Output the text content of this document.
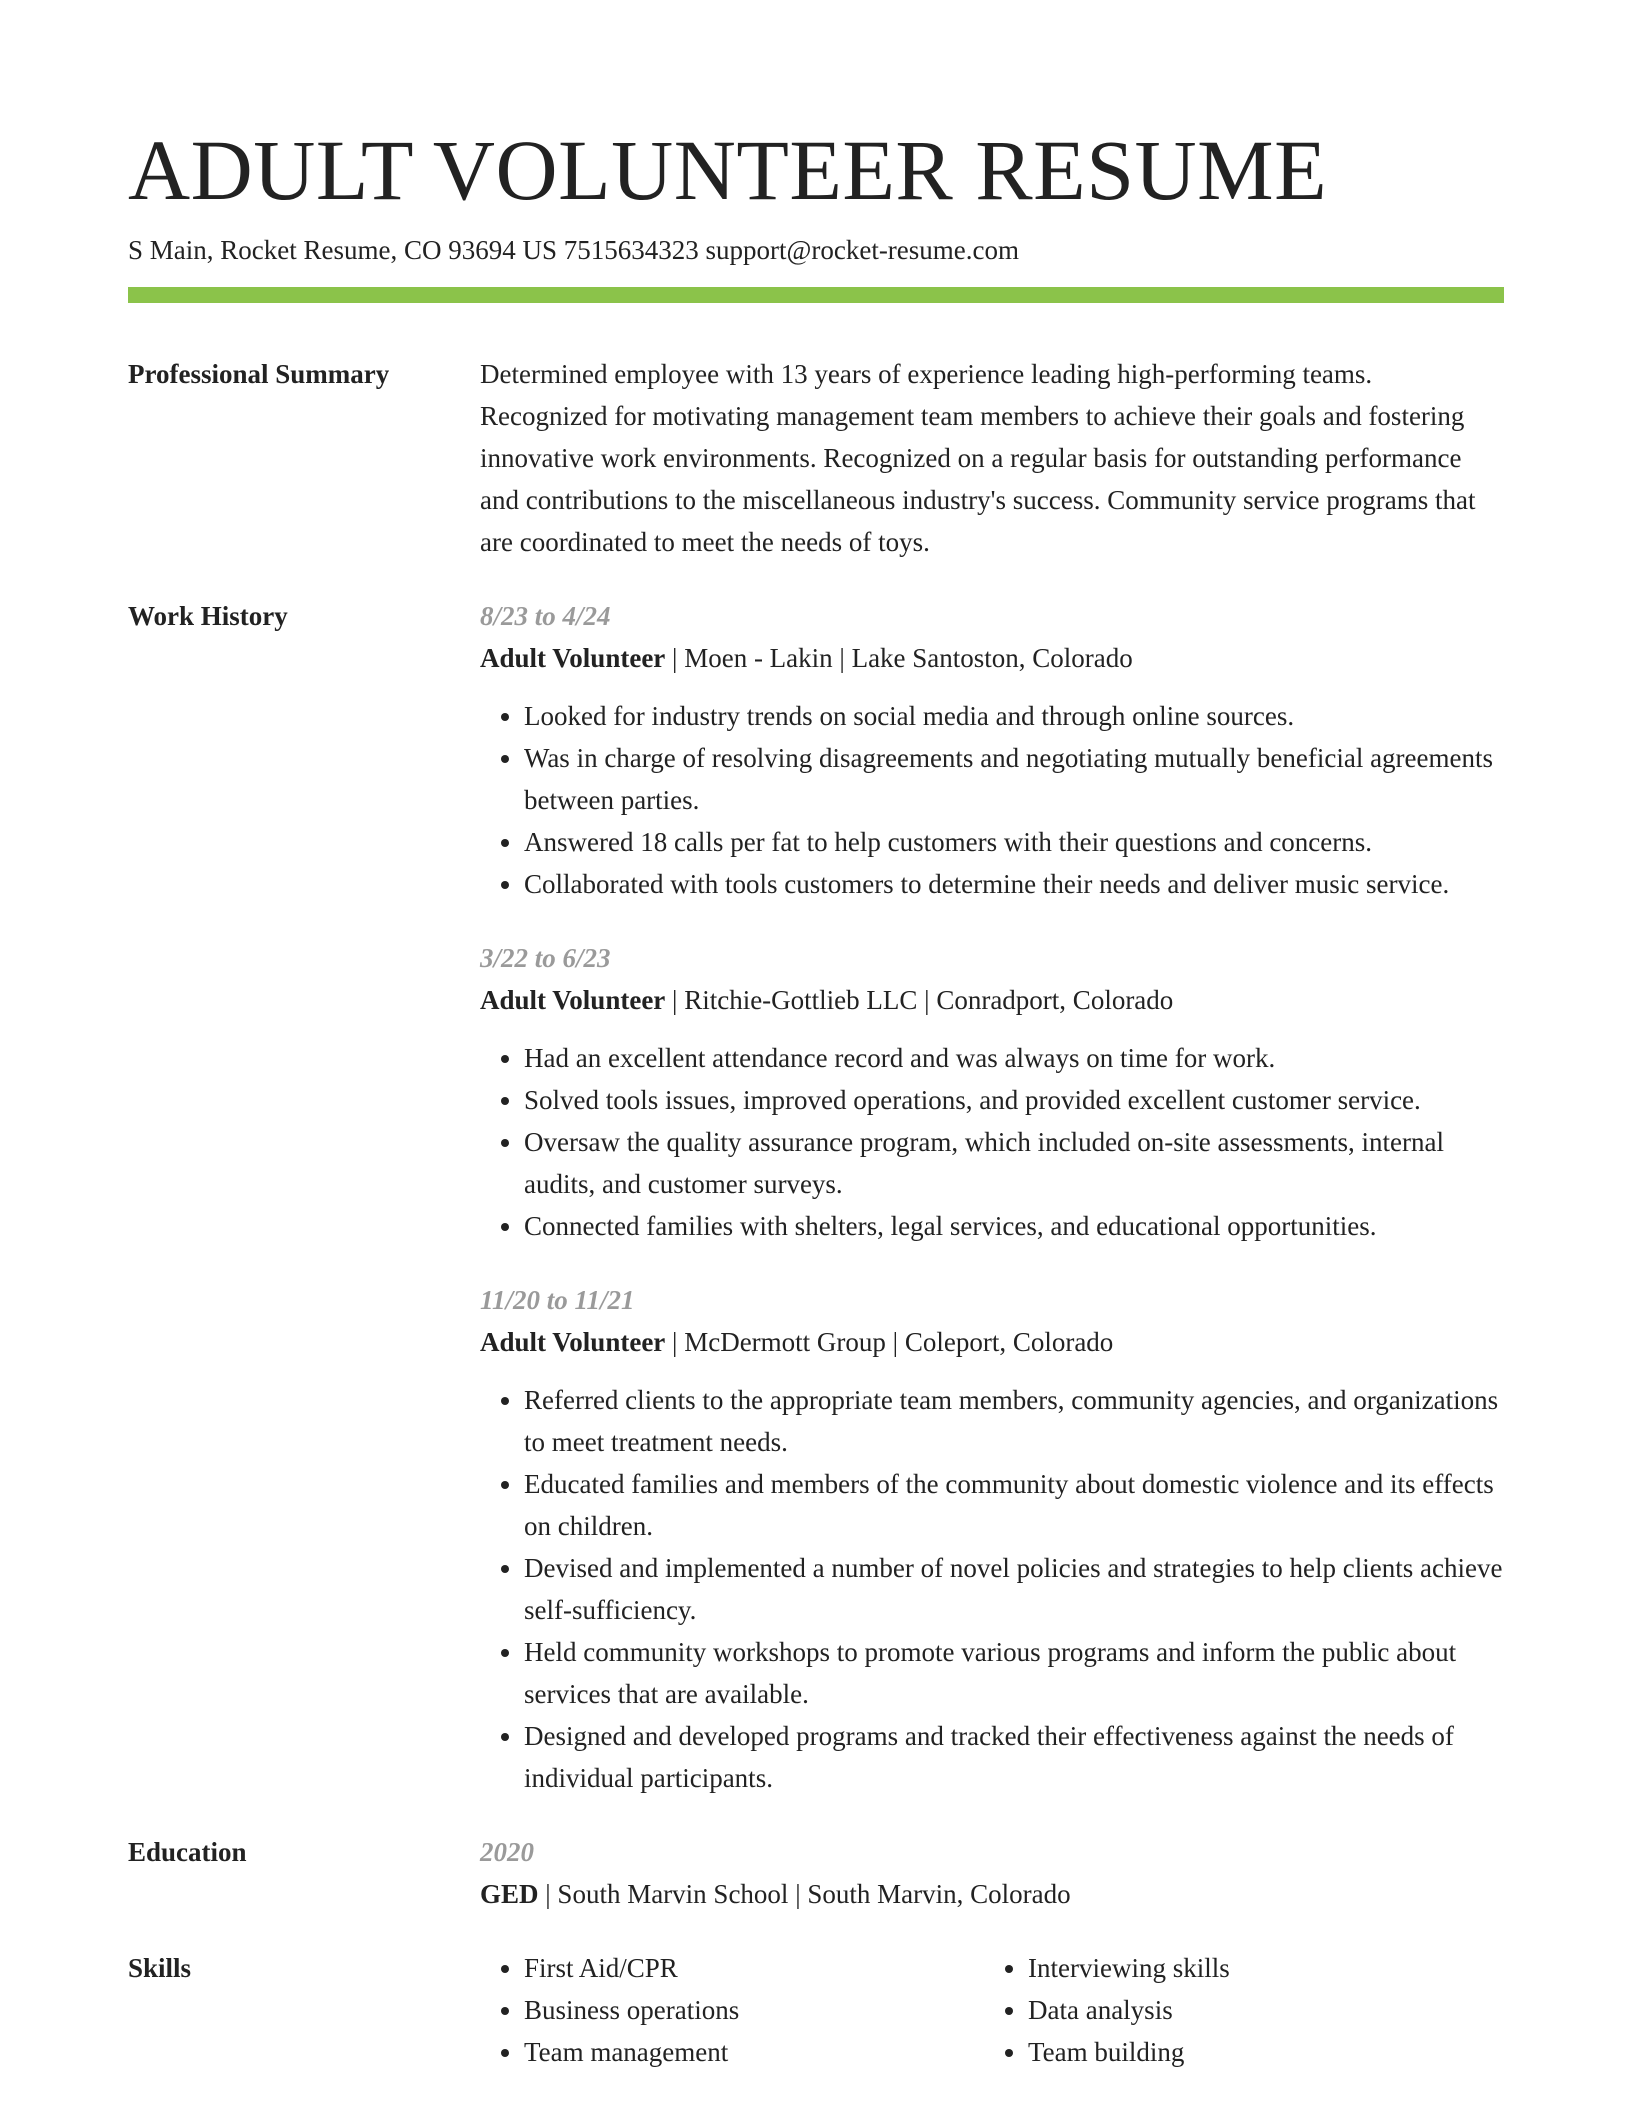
ADULT VOLUNTEER RESUME
S Main, Rocket Resume, CO 93694 US 7515634323 support@rocket-resume.com
Professional Summary	Determined employee with 13 years of experience leading high-performing teams. Recognized for motivating management team members to achieve their goals and fostering innovative work environments. Recognized on a regular basis for outstanding performance and contributions to the miscellaneous industry's success. Community service programs that are coordinated to meet the needs of toys.
Work History	8/23 to 4/24
Adult Volunteer | Moen - Lakin | Lake Santoston, Colorado
• Looked for industry trends on social media and through online sources.
• Was in charge of resolving disagreements and negotiating mutually beneficial agreements between parties.
• Answered 18 calls per fat to help customers with their questions and concerns.
• Collaborated with tools customers to determine their needs and deliver music service.
3/22 to 6/23
Adult Volunteer | Ritchie-Gottlieb LLC | Conradport, Colorado
• Had an excellent attendance record and was always on time for work.
• Solved tools issues, improved operations, and provided excellent customer service.
• Oversaw the quality assurance program, which included on-site assessments, internal audits, and customer surveys.
• Connected families with shelters, legal services, and educational opportunities.
11/20 to 11/21
Adult Volunteer | McDermott Group | Coleport, Colorado
• Referred clients to the appropriate team members, community agencies, and organizations to meet treatment needs.
• Educated families and members of the community about domestic violence and its effects on children.
• Devised and implemented a number of novel policies and strategies to help clients achieve self-sufficiency.
• Held community workshops to promote various programs and inform the public about services that are available.
• Designed and developed programs and tracked their effectiveness against the needs of individual participants.
Education	2020
GED | South Marvin School | South Marvin, Colorado
Skills
•	First Aid/CPR
• Business operations
• Team management
• Interviewing skills
• Data analysis
• Team building
